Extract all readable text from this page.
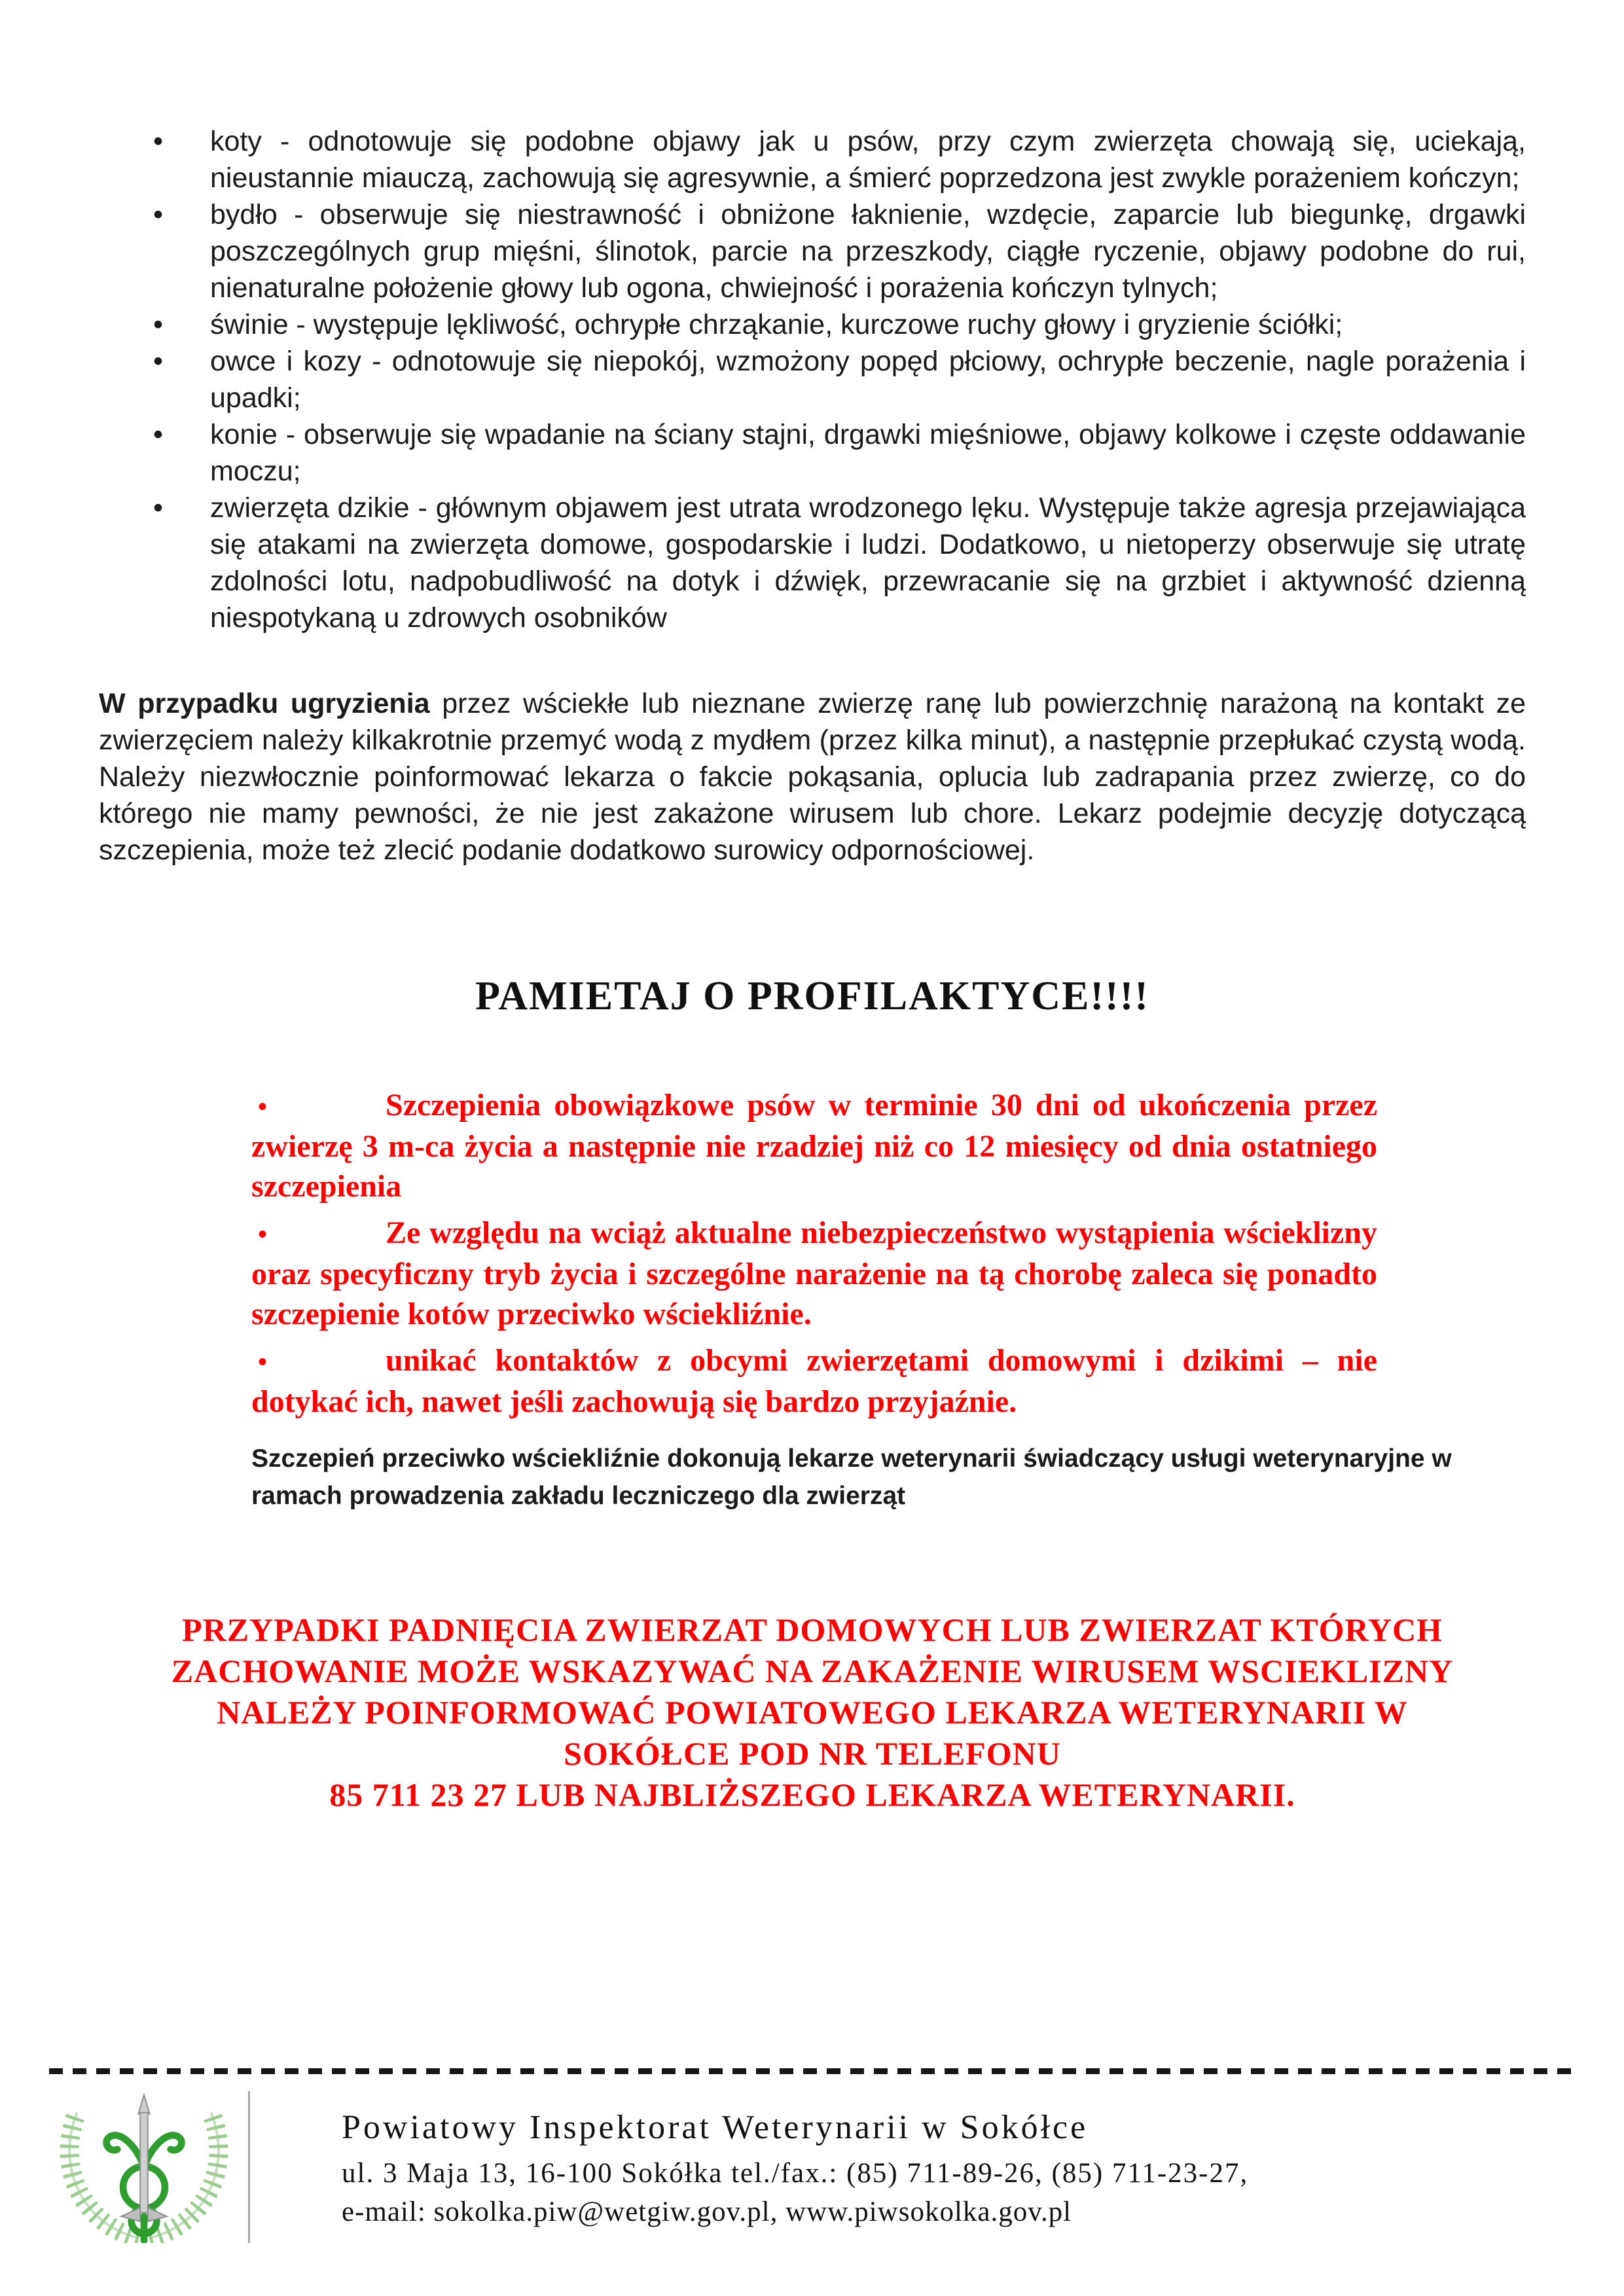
• koty - odnotowuje się podobne objawy jak u psów, przy czym zwierzęta chowają się, uciekają, nieustannie miauczą, zachowują się agresywnie, a śmierć poprzedzona jest zwykle porażeniem kończyn;
• bydło - obserwuje się niestrawność i obniżone łaknienie, wzdęcie, zaparcie lub biegunkę, drgawki poszczególnych grup mięśni, ślinotok, parcie na przeszkody, ciągłe ryczenie, objawy podobne do rui, nienaturalne położenie głowy lub ogona, chwiejność i porażenia kończyn tylnych;
• świnie - występuje lękliwość, ochrypłe chrząkanie, kurczowe ruchy głowy i gryzienie ściółki;
• owce i kozy - odnotowuje się niepokój, wzmożony popęd płciowy, ochrypłe beczenie, nagle porażenia i upadki;
• konie - obserwuje się wpadanie na ściany stajni, drgawki mięśniowe, objawy kolkowe i częste oddawanie moczu;
• zwierzęta dzikie - głównym objawem jest utrata wrodzonego lęku. Występuje także agresja przejawiająca się atakami na zwierzęta domowe, gospodarskie i ludzi. Dodatkowo, u nietoperzy obserwuje się utratę zdolności lotu, nadpobudliwość na dotyk i dźwięk, przewracanie się na grzbiet i aktywność dzienną niespotykaną u zdrowych osobników

W przypadku ugryzienia przez wściekłe lub nieznane zwierzę ranę lub powierzchnię narażoną na kontakt ze zwierzęciem należy kilkakrotnie przemyć wodą z mydłem (przez kilka minut), a następnie przepłukać czystą wodą. Należy niezwłocznie poinformować lekarza o fakcie pokąsania, oplucia lub zadrapania przez zwierzę, co do którego nie mamy pewności, że nie jest zakażone wirusem lub chore. Lekarz podejmie decyzję dotyczącą szczepienia, może też zlecić podanie dodatkowo surowicy odpornościowej.

PAMIETAJ O PROFILAKTYCE!!!!

•	Szczepienia obowiązkowe psów w terminie 30 dni od ukończenia przez zwierzę 3 m-ca życia a następnie nie rzadziej niż co 12 miesięcy od dnia ostatniego szczepienia

•	Ze względu na wciąż aktualne niebezpieczeństwo wystąpienia wścieklizny oraz specyficzny tryb życia i szczególne narażenie na tą chorobę zaleca się ponadto szczepienie kotów przeciwko wściekliźnie.

•	unikać kontaktów z obcymi zwierzętami domowymi i dzikimi – nie dotykać ich, nawet jeśli zachowują się bardzo przyjaźnie.

Szczepień przeciwko wściekliźnie dokonują lekarze weterynarii świadczący usługi weterynaryjne w ramach prowadzenia zakładu leczniczego dla zwierząt

PRZYPADKI PADNIĘCIA ZWIERZAT DOMOWYCH LUB ZWIERZAT KTÓRYCH
ZACHOWANIE MOŻE WSKAZYWAĆ NA ZAKAŻENIE WIRUSEM WSCIEKLIZNY
NALEŻY POINFORMOWAĆ POWIATOWEGO LEKARZA WETERYNARII W
SOKÓŁCE POD NR TELEFONU
85 711 23 27 LUB NAJBLIŻSZEGO LEKARZA WETERYNARII.
Powiatowy Inspektorat Weterynarii w Sokółce
ul. 3 Maja 13, 16-100 Sokółka tel./fax.: (85) 711-89-26, (85) 711-23-27,
e-mail: sokolka.piw@wetgiw.gov.pl, www.piwsokolka.gov.pl
